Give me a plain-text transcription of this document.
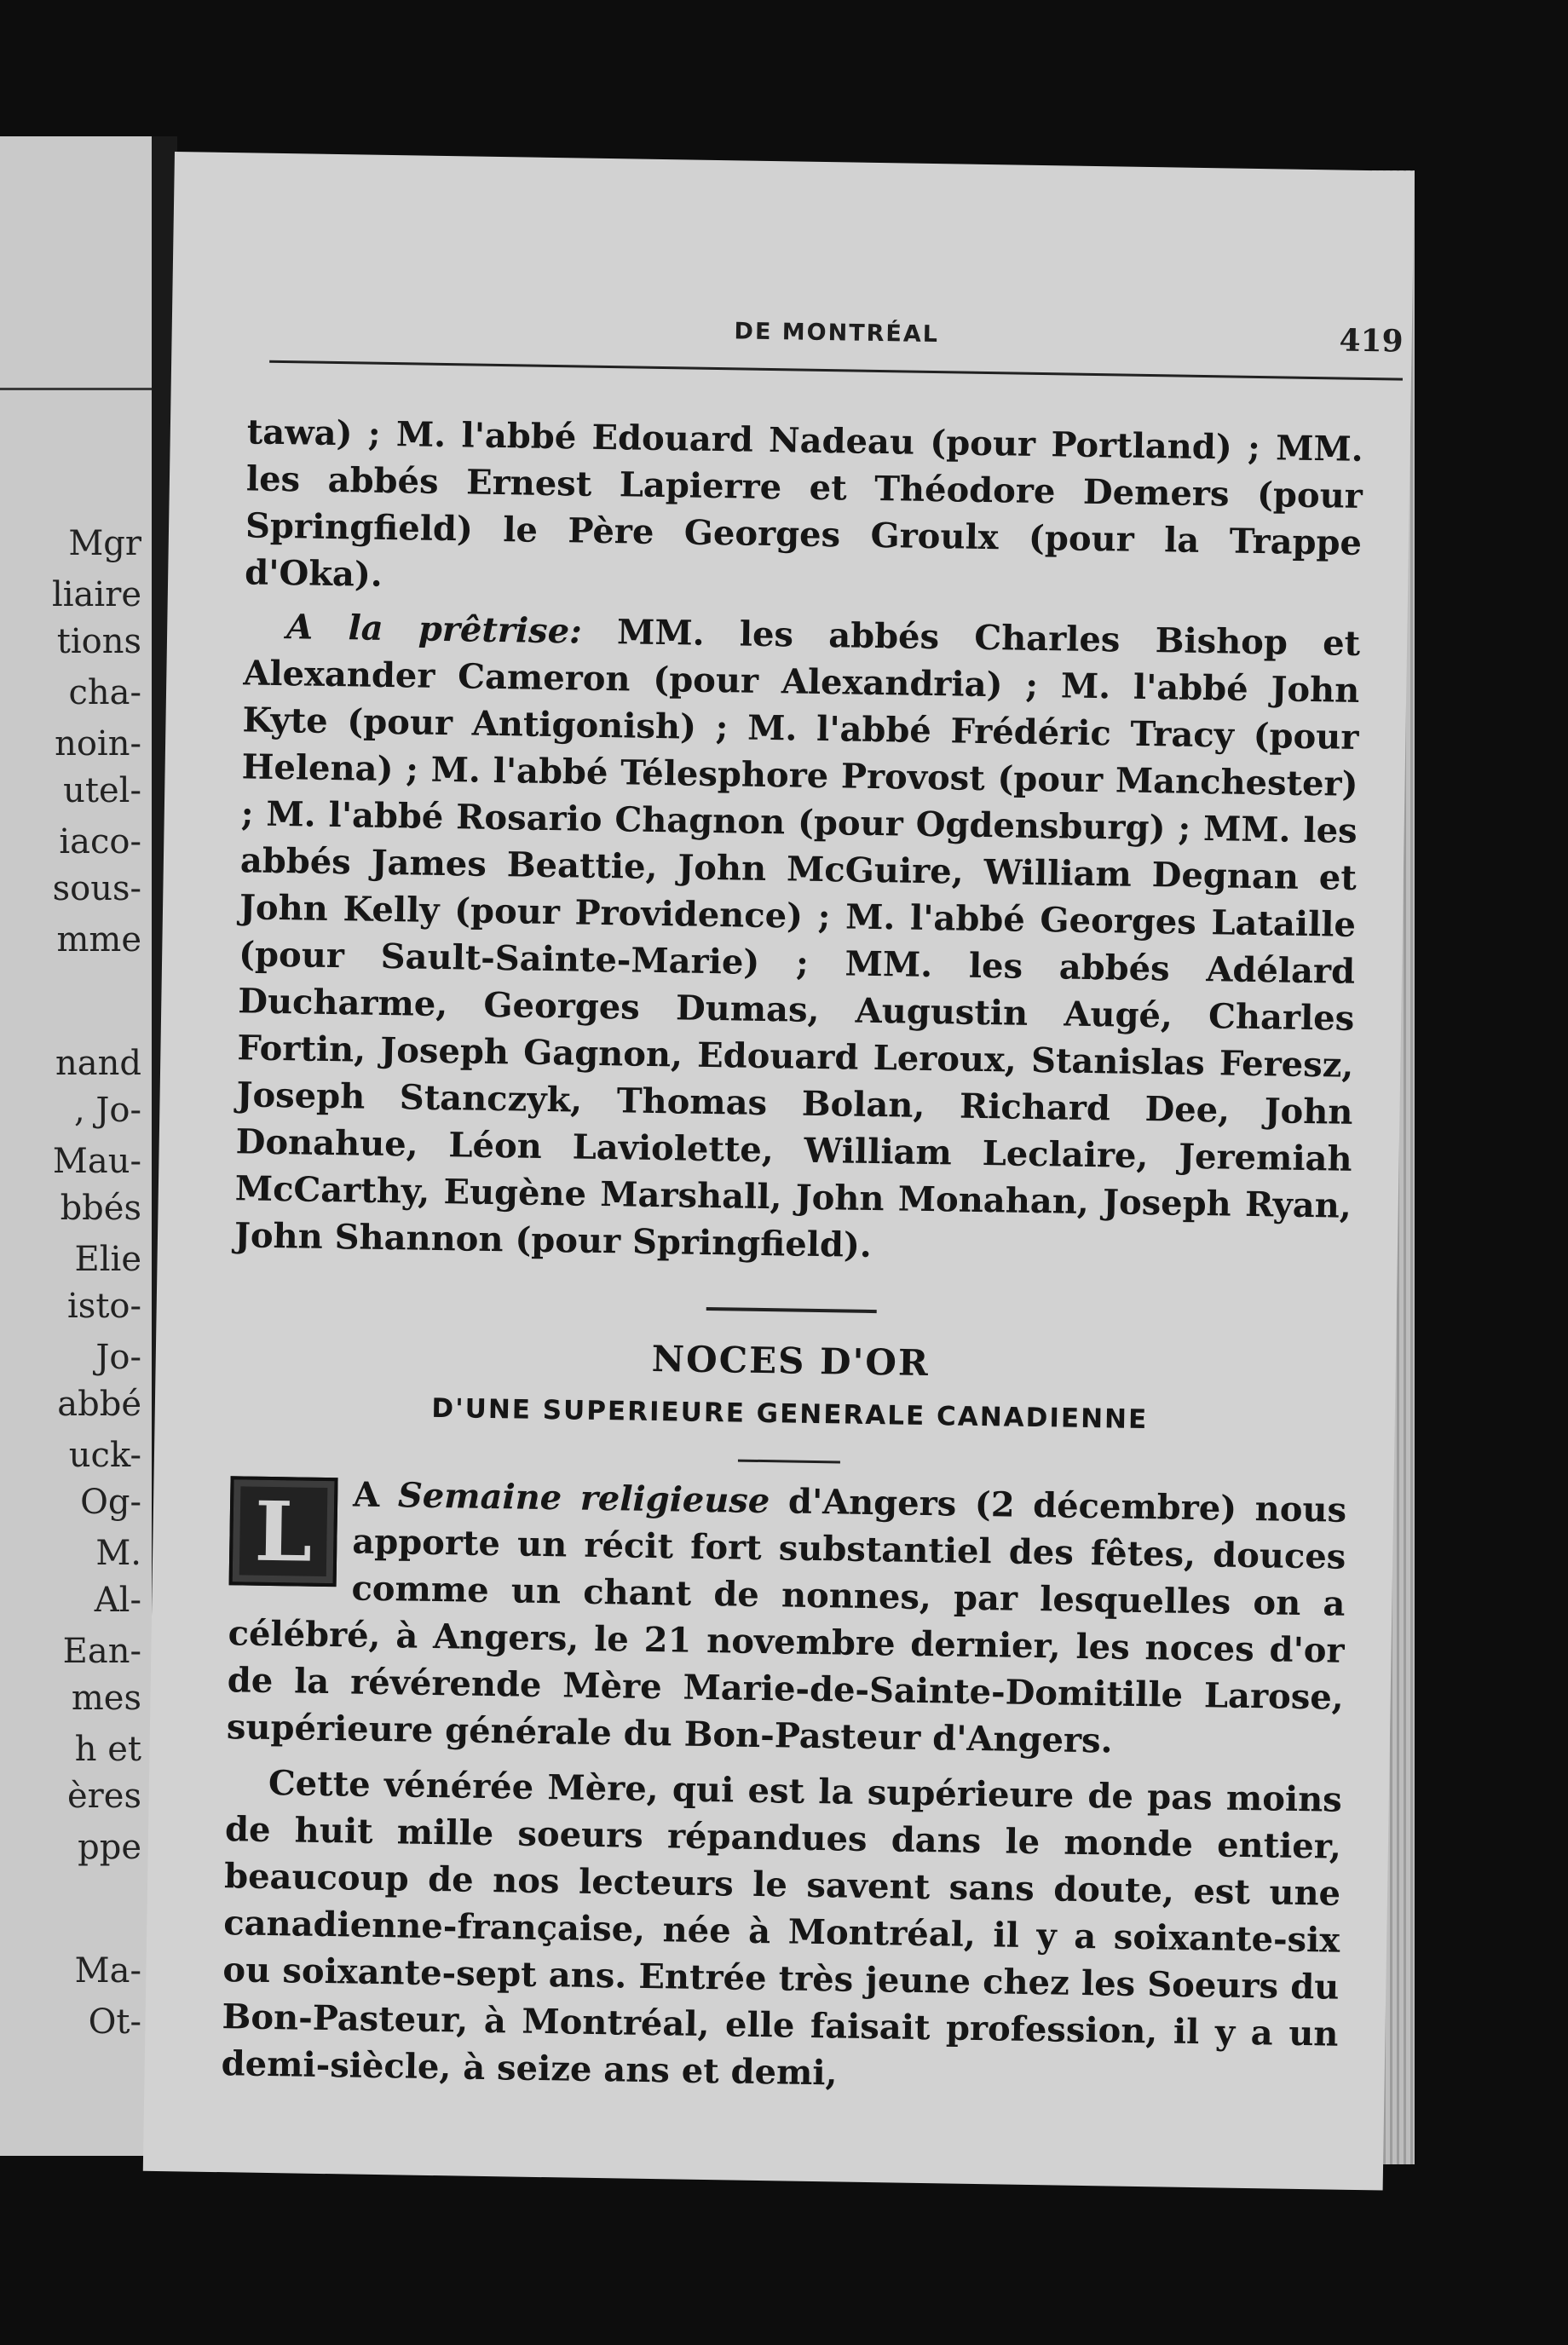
Mgr
liaire
tions
cha-
noin-
utel-
iaco-
sous-
mme
nand
, Jo-
Mau-
bbés
Elie
isto-
Jo-
abbé
uck-
Og-
M.
Al-
Ean-
mes
h et
ères
ppe
Ma-
Ot-
DE MONTRÉAL	419

tawa) ; M. l'abbé Edouard Nadeau (pour Portland) ; MM. les abbés Ernest Lapierre et Théodore Demers (pour Springfield) le Père Georges Groulx (pour la Trappe d'Oka).

A la prêtrise: MM. les abbés Charles Bishop et Alexander Cameron (pour Alexandria) ; M. l'abbé John Kyte (pour Antigonish) ; M. l'abbé Frédéric Tracy (pour Helena) ; M. l'abbé Télesphore Provost (pour Manchester) ; M. l'abbé Rosario Chagnon (pour Ogdensburg) ; MM. les abbés James Beattie, John McGuire, William Degnan et John Kelly (pour Providence) ; M. l'abbé Georges Lataille (pour Sault-Sainte-Marie) ; MM. les abbés Adélard Ducharme, Georges Dumas, Augustin Augé, Charles Fortin, Joseph Gagnon, Edouard Leroux, Stanislas Feresz, Joseph Stanczyk, Thomas Bolan, Richard Dee, John Donahue, Léon Laviolette, William Leclaire, Jeremiah McCarthy, Eugène Marshall, John Monahan, Joseph Ryan, John Shannon (pour Springfield).

NOCES D'OR

D'UNE SUPERIEURE GENERALE CANADIENNE

L	A Semaine religieuse d'Angers (2 décembre) nous apporte un récit fort substantiel des fêtes, douces comme un chant de nonnes, par lesquelles on a célébré, à Angers, le 21 novembre dernier, les noces d'or de la révérende Mère Marie-de-Sainte-Domitille Larose, supérieure générale du Bon-Pasteur d'Angers.

Cette vénérée Mère, qui est la supérieure de pas moins de huit mille soeurs répandues dans le monde entier, beaucoup de nos lecteurs le savent sans doute, est une canadienne-française, née à Montréal, il y a soixante-six ou soixante-sept ans. Entrée très jeune chez les Soeurs du Bon-Pasteur, à Montréal, elle faisait profession, il y a un demi-siècle, à seize ans et demi,
